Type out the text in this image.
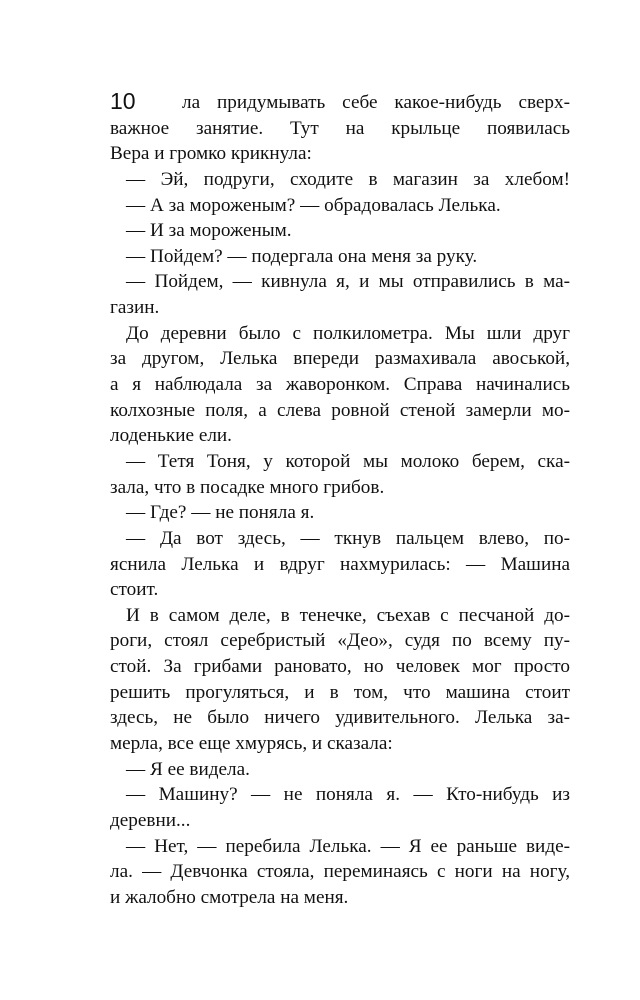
10	ла придумывать себе какое-нибудь сверх-
важное занятие. Тут на крыльце появилась
Вера и громко крикнула:
— Эй, подруги, сходите в магазин за хлебом!
— А за мороженым? — обрадовалась Лелька.
— И за мороженым.
— Пойдем? — подергала она меня за руку.
— Пойдем, — кивнула я, и мы отправились в ма-
газин.
До деревни было с полкилометра. Мы шли друг
за другом, Лелька впереди размахивала авоськой,
а я наблюдала за жаворонком. Справа начинались
колхозные поля, а слева ровной стеной замерли мо-
лоденькие ели.
— Тетя Тоня, у которой мы молоко берем, ска-
зала, что в посадке много грибов.
— Где? — не поняла я.
— Да вот здесь, — ткнув пальцем влево, по-
яснила Лелька и вдруг нахмурилась: — Машина
стоит.
И в самом деле, в тенечке, съехав с песчаной до-
роги, стоял серебристый «Део», судя по всему пу-
стой. За грибами рановато, но человек мог просто
решить прогуляться, и в том, что машина стоит
здесь, не было ничего удивительного. Лелька за-
мерла, все еще хмурясь, и сказала:
— Я ее видела.
— Машину? — не поняла я. — Кто-нибудь из
деревни...
— Нет, — перебила Лелька. — Я ее раньше виде-
ла. — Девчонка стояла, переминаясь с ноги на ногу,
и жалобно смотрела на меня.
